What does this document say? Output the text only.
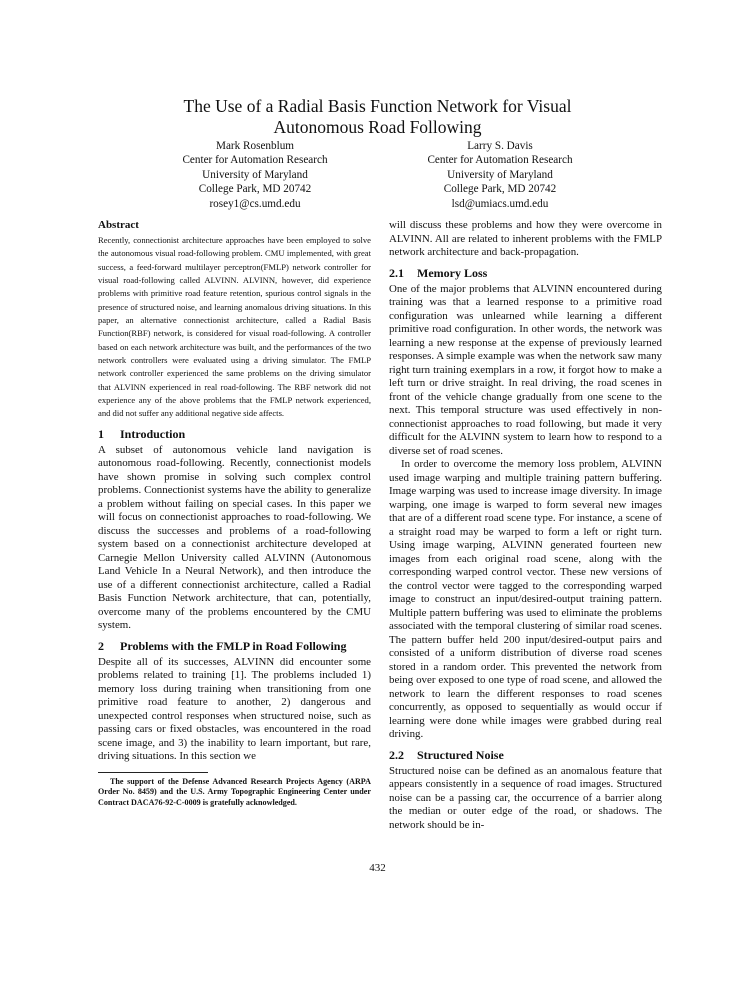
The Use of a Radial Basis Function Network for Visual
Autonomous Road Following
Mark Rosenblum
Center for Automation Research
University of Maryland
College Park, MD 20742
rosey1@cs.umd.edu
Larry S. Davis
Center for Automation Research
University of Maryland
College Park, MD 20742
lsd@umiacs.umd.edu
Abstract

Recently, connectionist architecture approaches have been employed to solve the autonomous visual road-following problem. CMU implemented, with great success, a feed-forward multilayer perceptron(FMLP) network controller for visual road-following called ALVINN. ALVINN, however, did experience problems with primitive road feature retention, spurious control signals in the presence of structured noise, and learning anomalous driving situations. In this paper, an alternative connectionist architecture, called a Radial Basis Function(RBF) network, is considered for visual road-following. A controller based on each network architecture was built, and the performances of the two network controllers were evaluated using a driving simulator. The FMLP network controller experienced the same problems on the driving simulator that ALVINN experienced in real road-following. The RBF network did not experience any of the above problems that the FMLP network experienced, and did not suffer any additional negative side affects.

1 Introduction

A subset of autonomous vehicle land navigation is autonomous road-following. Recently, connectionist models have shown promise in solving such complex control problems. Connectionist systems have the ability to generalize a problem without failing on special cases. In this paper we will focus on connectionist approaches to road-following. We discuss the successes and problems of a road-following system based on a connectionist architecture developed at Carnegie Mellon University called ALVINN (Autonomous Land Vehicle In a Neural Network), and then introduce the use of a different connectionist architecture, called a Radial Basis Function Network architecture, that can, potentially, overcome many of the problems encountered by the CMU system.

2 Problems with the FMLP in Road Following

Despite all of its successes, ALVINN did encounter some problems related to training [1]. The problems included 1) memory loss during training when transitioning from one primitive road feature to another, 2) dangerous and unexpected control responses when structured noise, such as passing cars or fixed obstacles, was encountered in the road scene image, and 3) the inability to learn important, but rare, driving situations. In this section we

The support of the Defense Advanced Research Projects Agency (ARPA Order No. 8459) and the U.S. Army Topographic Engineering Center under Contract DACA76-92-C-0009 is gratefully acknowledged.

will discuss these problems and how they were overcome in ALVINN. All are related to inherent problems with the FMLP network architecture and back-propagation.

2.1 Memory Loss

One of the major problems that ALVINN encountered during training was that a learned response to a primitive road configuration was unlearned while learning a different primitive road configuration. In other words, the network was learning a new response at the expense of previously learned responses. A simple example was when the network saw many right turn training exemplars in a row, it forgot how to make a left turn or drive straight. In real driving, the road scenes in front of the vehicle change gradually from one scene to the next. This temporal structure was used effectively in non-connectionist approaches to road following, but made it very difficult for the ALVINN system to learn how to respond to a diverse set of road scenes.

In order to overcome the memory loss problem, ALVINN used image warping and multiple training pattern buffering. Image warping was used to increase image diversity. In image warping, one image is warped to form several new images that are of a different road scene type. For instance, a scene of a straight road may be warped to form a left or right turn. Using image warping, ALVINN generated fourteen new images from each original road scene, along with the corresponding warped control vector. These new versions of the control vector were tagged to the corresponding warped image to construct an input/desired-output training pattern. Multiple pattern buffering was used to eliminate the problems associated with the temporal clustering of similar road scenes. The pattern buffer held 200 input/desired-output pairs and consisted of a uniform distribution of diverse road scenes stored in a random order. This prevented the network from being over exposed to one type of road scene, and allowed the network to learn the different responses to road scenes concurrently, as opposed to sequentially as would occur if learning were done while images were grabbed during real driving.

2.2 Structured Noise

Structured noise can be defined as an anomalous feature that appears consistently in a sequence of road images. Structured noise can be a passing car, the occurrence of a barrier along the median or outer edge of the road, or shadows. The network should be in-

432
